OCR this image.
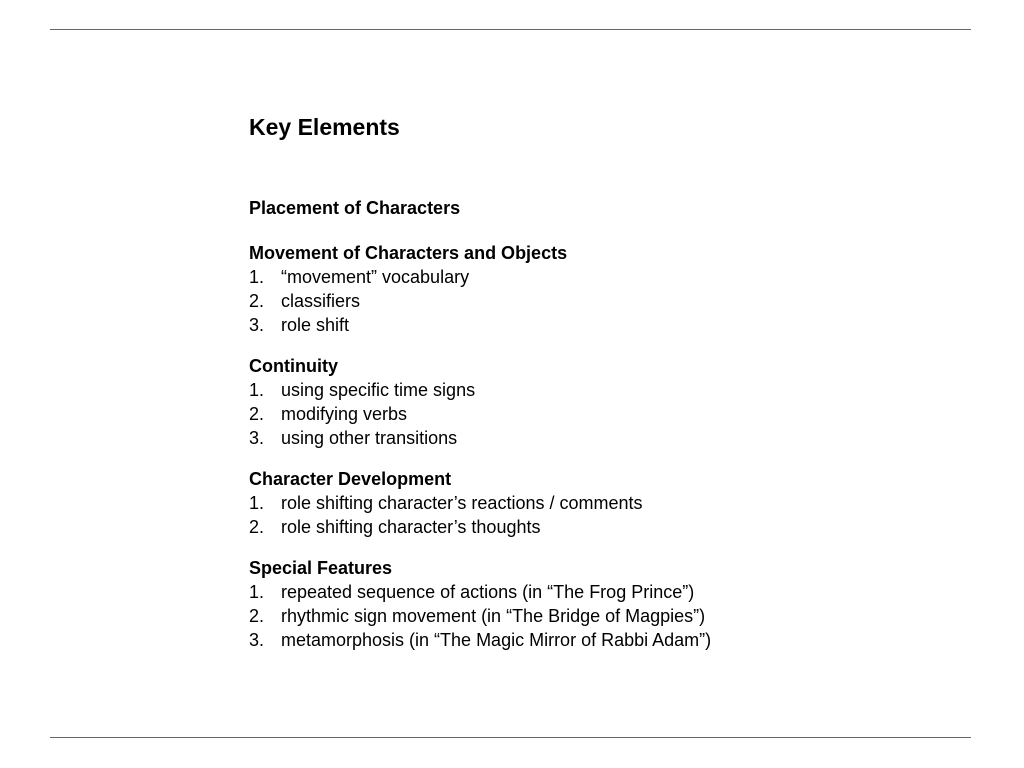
Key Elements
Placement of Characters
Movement of Characters and Objects
1. “movement” vocabulary
2. classifiers
3. role shift
Continuity
1. using specific time signs
2. modifying verbs
3. using other transitions
Character Development
1. role shifting character’s reactions / comments
2. role shifting character’s thoughts
Special Features
1. repeated sequence of actions (in “The Frog Prince”)
2. rhythmic sign movement (in “The Bridge of Magpies”)
3. metamorphosis (in “The Magic Mirror of Rabbi Adam”)
